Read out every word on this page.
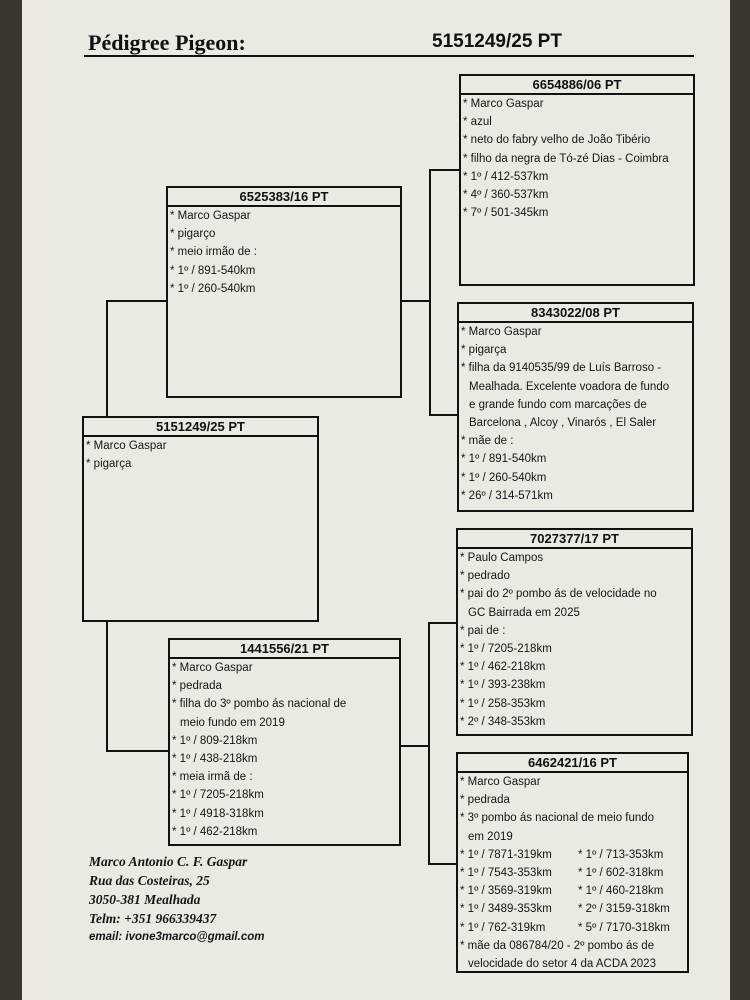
Pédigree Pigeon:	5151249/25 PT
5151249/25 PT
* Marco Gaspar
* pigarça
6525383/16 PT
* Marco Gaspar
* pigarço
* meio irmão de :
* 1º / 891-540km
* 1º / 260-540km
1441556/21 PT
* Marco Gaspar
* pedrada
* filha do 3º pombo ás nacional de
meio fundo em 2019
* 1º / 809-218km
* 1º / 438-218km
* meia irmã de :
* 1º / 7205-218km
* 1º / 4918-318km
* 1º / 462-218km
6654886/06 PT
* Marco Gaspar
* azul
* neto do fabry velho de João Tibério
* filho da negra de Tó-zé Dias - Coimbra
* 1º / 412-537km
* 4º / 360-537km
* 7º / 501-345km
8343022/08 PT
* Marco Gaspar
* pigarça
* filha da 9140535/99 de Luís Barroso -
Mealhada. Excelente voadora de fundo
e grande fundo com marcações de
Barcelona , Alcoy , Vinarós , El Saler
* mãe de :
* 1º / 891-540km
* 1º / 260-540km
* 26º / 314-571km
7027377/17 PT
* Paulo Campos
* pedrado
* pai do 2º pombo ás de velocidade no
GC Bairrada em 2025
* pai de :
* 1º / 7205-218km
* 1º / 462-218km
* 1º / 393-238km
* 1º / 258-353km
* 2º / 348-353km
6462421/16 PT
* Marco Gaspar
* pedrada
* 3º pombo ás nacional de meio fundo
em 2019
* 1º / 7871-319km
* 1º / 7543-353km
* 1º / 3569-319km
* 1º / 3489-353km
* 1º / 762-319km
* 1º / 713-353km
* 1º / 602-318km
* 1º / 460-218km
* 2º / 3159-318km
* 5º / 7170-318km
* mãe da 086784/20 - 2º pombo ás de
velocidade do setor 4 da ACDA 2023
Marco Antonio C. F. Gaspar
Rua das Costeiras, 25
3050-381 Mealhada
Telm: +351 966339437
email: ivone3marco@gmail.com
